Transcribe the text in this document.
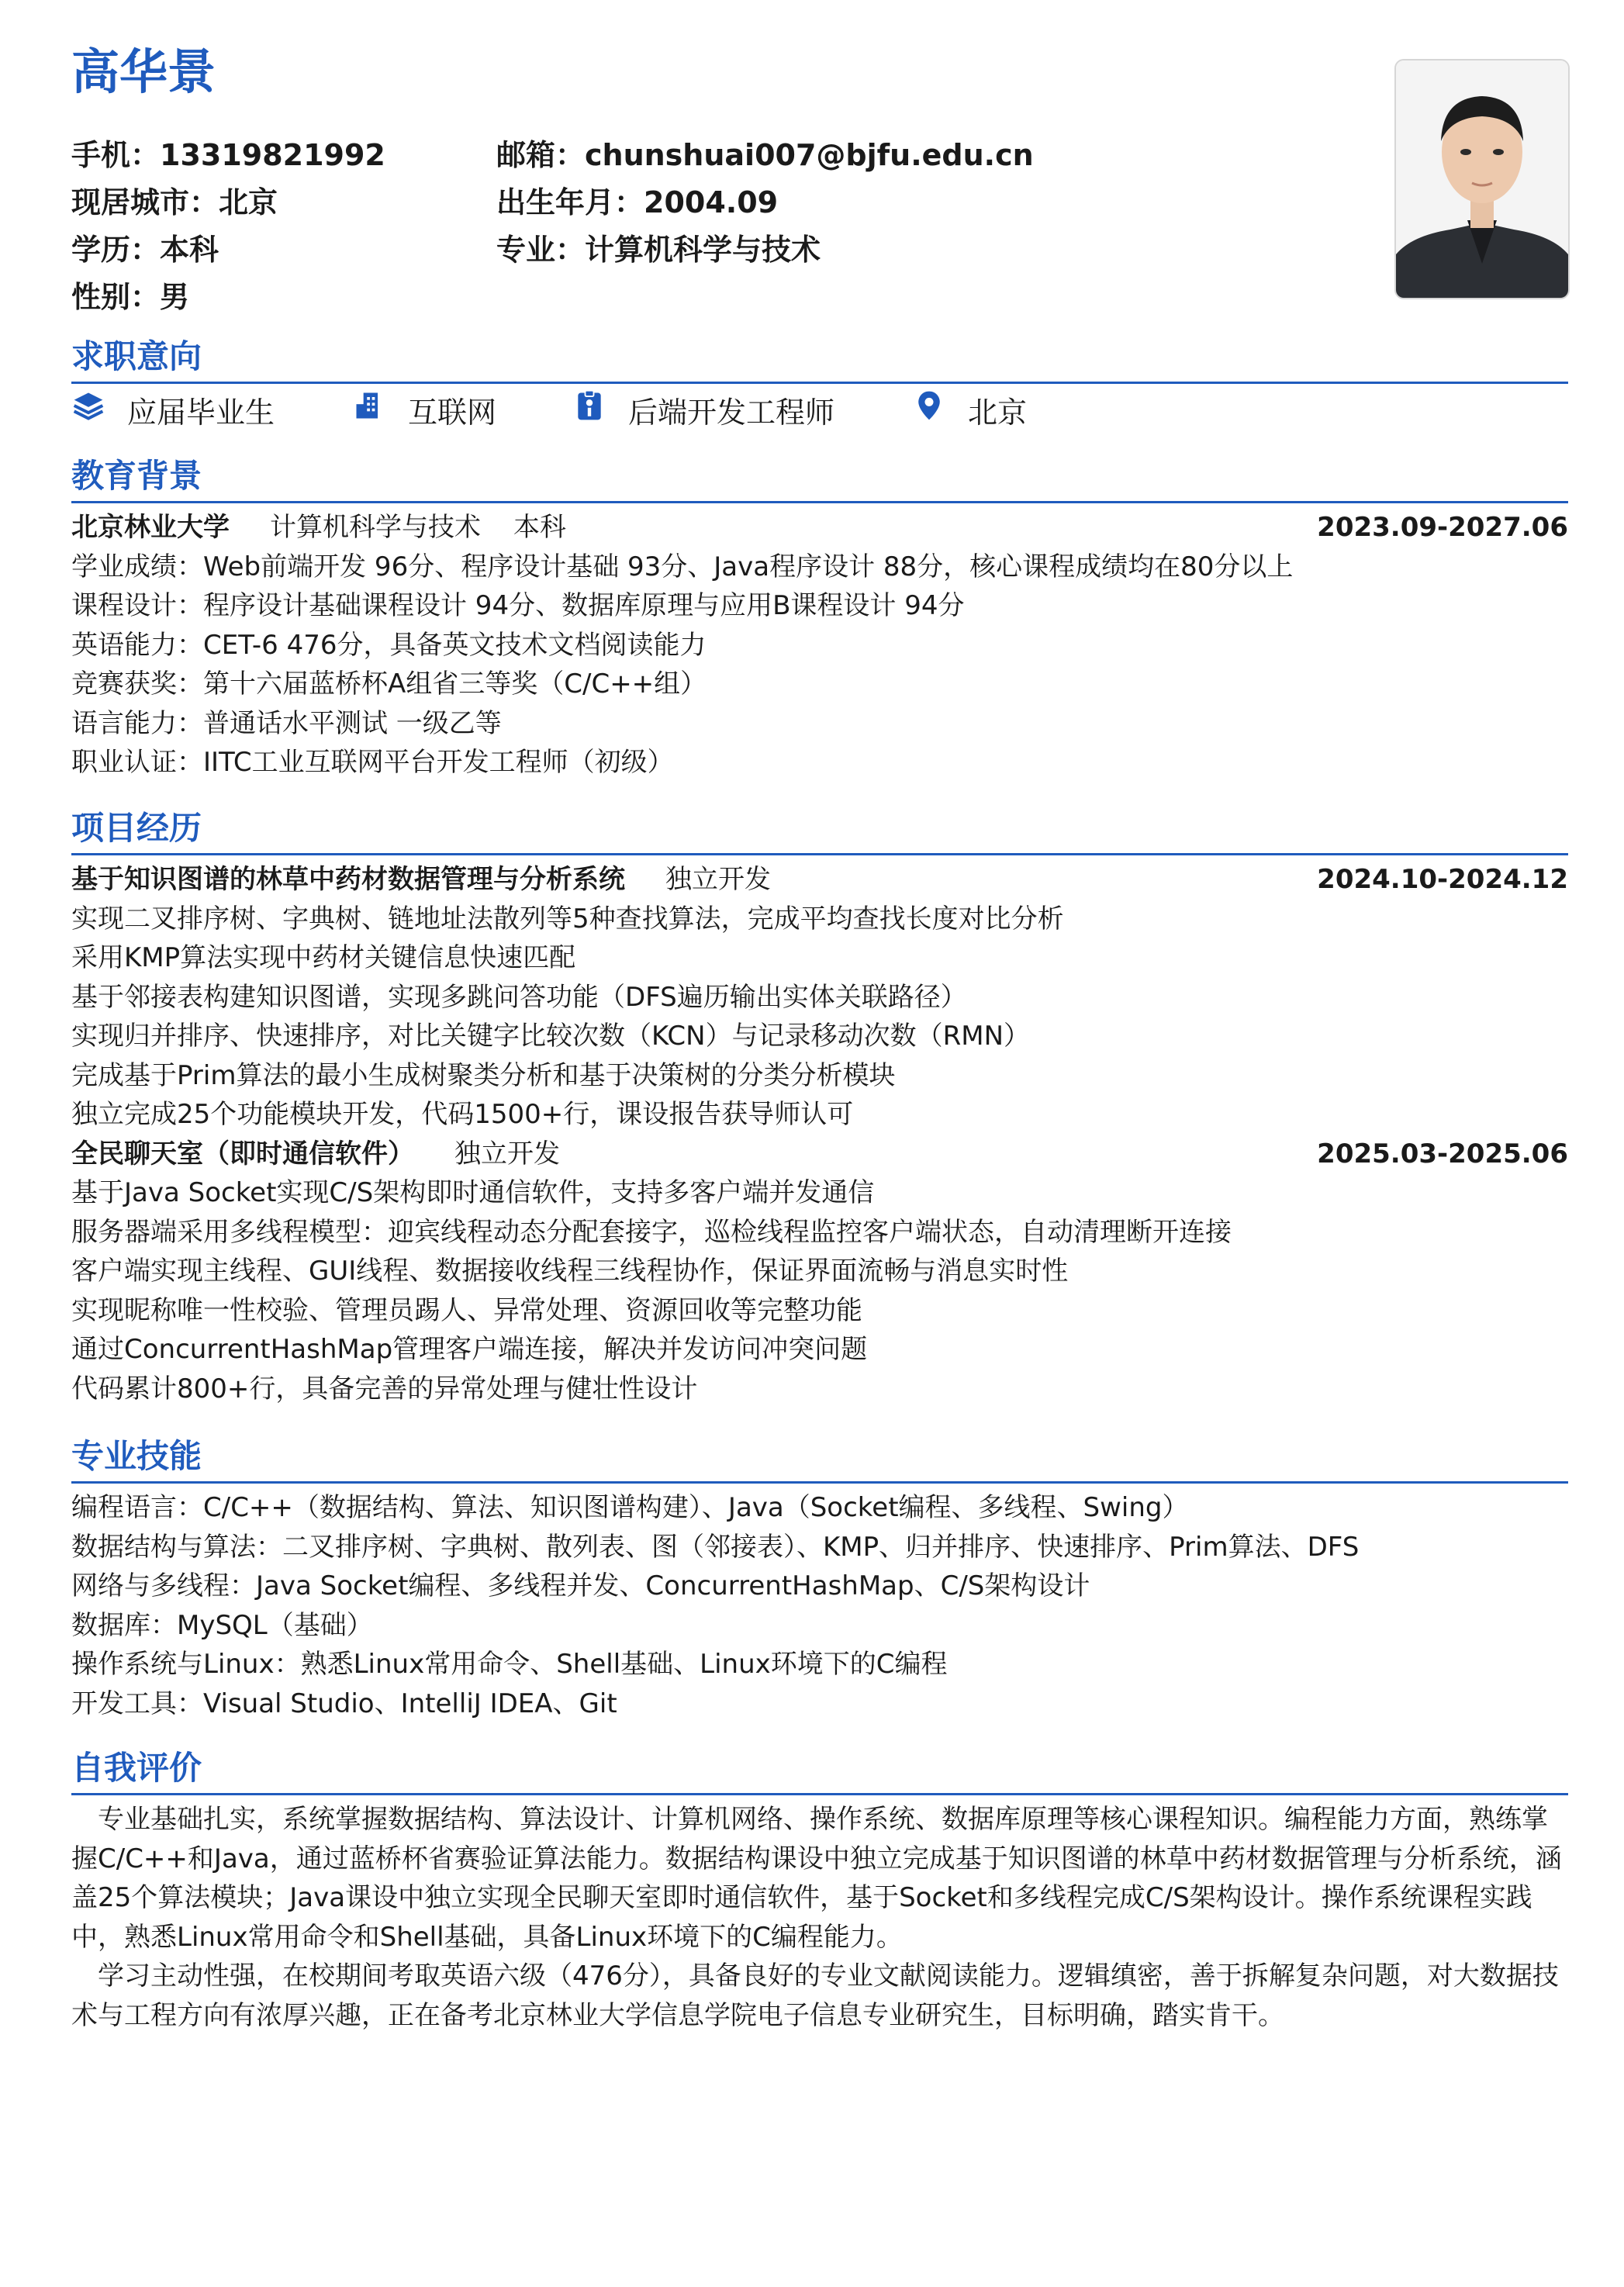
高华景
手机：13319821992	邮箱：chunshuai007@bjfu.edu.cn
现居城市：北京	出生年月：2004.09
学历：本科	专业：计算机科学与技术
性别：男
求职意向
应届毕业生	互联网	后端开发工程师	北京
教育背景
北京林业大学 计算机科学与技术 本科	2023.09-2027.06
学业成绩：Web前端开发 96分、程序设计基础 93分、Java程序设计 88分，核心课程成绩均在80分以上
课程设计：程序设计基础课程设计 94分、数据库原理与应用B课程设计 94分
英语能力：CET-6 476分，具备英文技术文档阅读能力
竞赛获奖：第十六届蓝桥杯A组省三等奖（C/C++组）
语言能力：普通话水平测试 一级乙等
职业认证：IITC工业互联网平台开发工程师（初级）
项目经历
基于知识图谱的林草中药材数据管理与分析系统 独立开发	2024.10-2024.12
实现二叉排序树、字典树、链地址法散列等5种查找算法，完成平均查找长度对比分析
采用KMP算法实现中药材关键信息快速匹配
基于邻接表构建知识图谱，实现多跳问答功能（DFS遍历输出实体关联路径）
实现归并排序、快速排序，对比关键字比较次数（KCN）与记录移动次数（RMN）
完成基于Prim算法的最小生成树聚类分析和基于决策树的分类分析模块
独立完成25个功能模块开发，代码1500+行，课设报告获导师认可
全民聊天室（即时通信软件） 独立开发	2025.03-2025.06
基于Java Socket实现C/S架构即时通信软件，支持多客户端并发通信
服务器端采用多线程模型：迎宾线程动态分配套接字，巡检线程监控客户端状态，自动清理断开连接
客户端实现主线程、GUI线程、数据接收线程三线程协作，保证界面流畅与消息实时性
实现昵称唯一性校验、管理员踢人、异常处理、资源回收等完整功能
通过ConcurrentHashMap管理客户端连接，解决并发访问冲突问题
代码累计800+行，具备完善的异常处理与健壮性设计
专业技能
编程语言：C/C++（数据结构、算法、知识图谱构建）、Java（Socket编程、多线程、Swing）
数据结构与算法：二叉排序树、字典树、散列表、图（邻接表）、KMP、归并排序、快速排序、Prim算法、DFS
网络与多线程：Java Socket编程、多线程并发、ConcurrentHashMap、C/S架构设计
数据库：MySQL（基础）
操作系统与Linux：熟悉Linux常用命令、Shell基础、Linux环境下的C编程
开发工具：Visual Studio、IntelliJ IDEA、Git
自我评价
专业基础扎实，系统掌握数据结构、算法设计、计算机网络、操作系统、数据库原理等核心课程知识。编程能力方面，熟练掌握C/C++和Java，通过蓝桥杯省赛验证算法能力。数据结构课设中独立完成基于知识图谱的林草中药材数据管理与分析系统，涵盖25个算法模块；Java课设中独立实现全民聊天室即时通信软件，基于Socket和多线程完成C/S架构设计。操作系统课程实践中，熟悉Linux常用命令和Shell基础，具备Linux环境下的C编程能力。
学习主动性强，在校期间考取英语六级（476分），具备良好的专业文献阅读能力。逻辑缜密，善于拆解复杂问题，对大数据技术与工程方向有浓厚兴趣，正在备考北京林业大学信息学院电子信息专业研究生，目标明确，踏实肯干。
